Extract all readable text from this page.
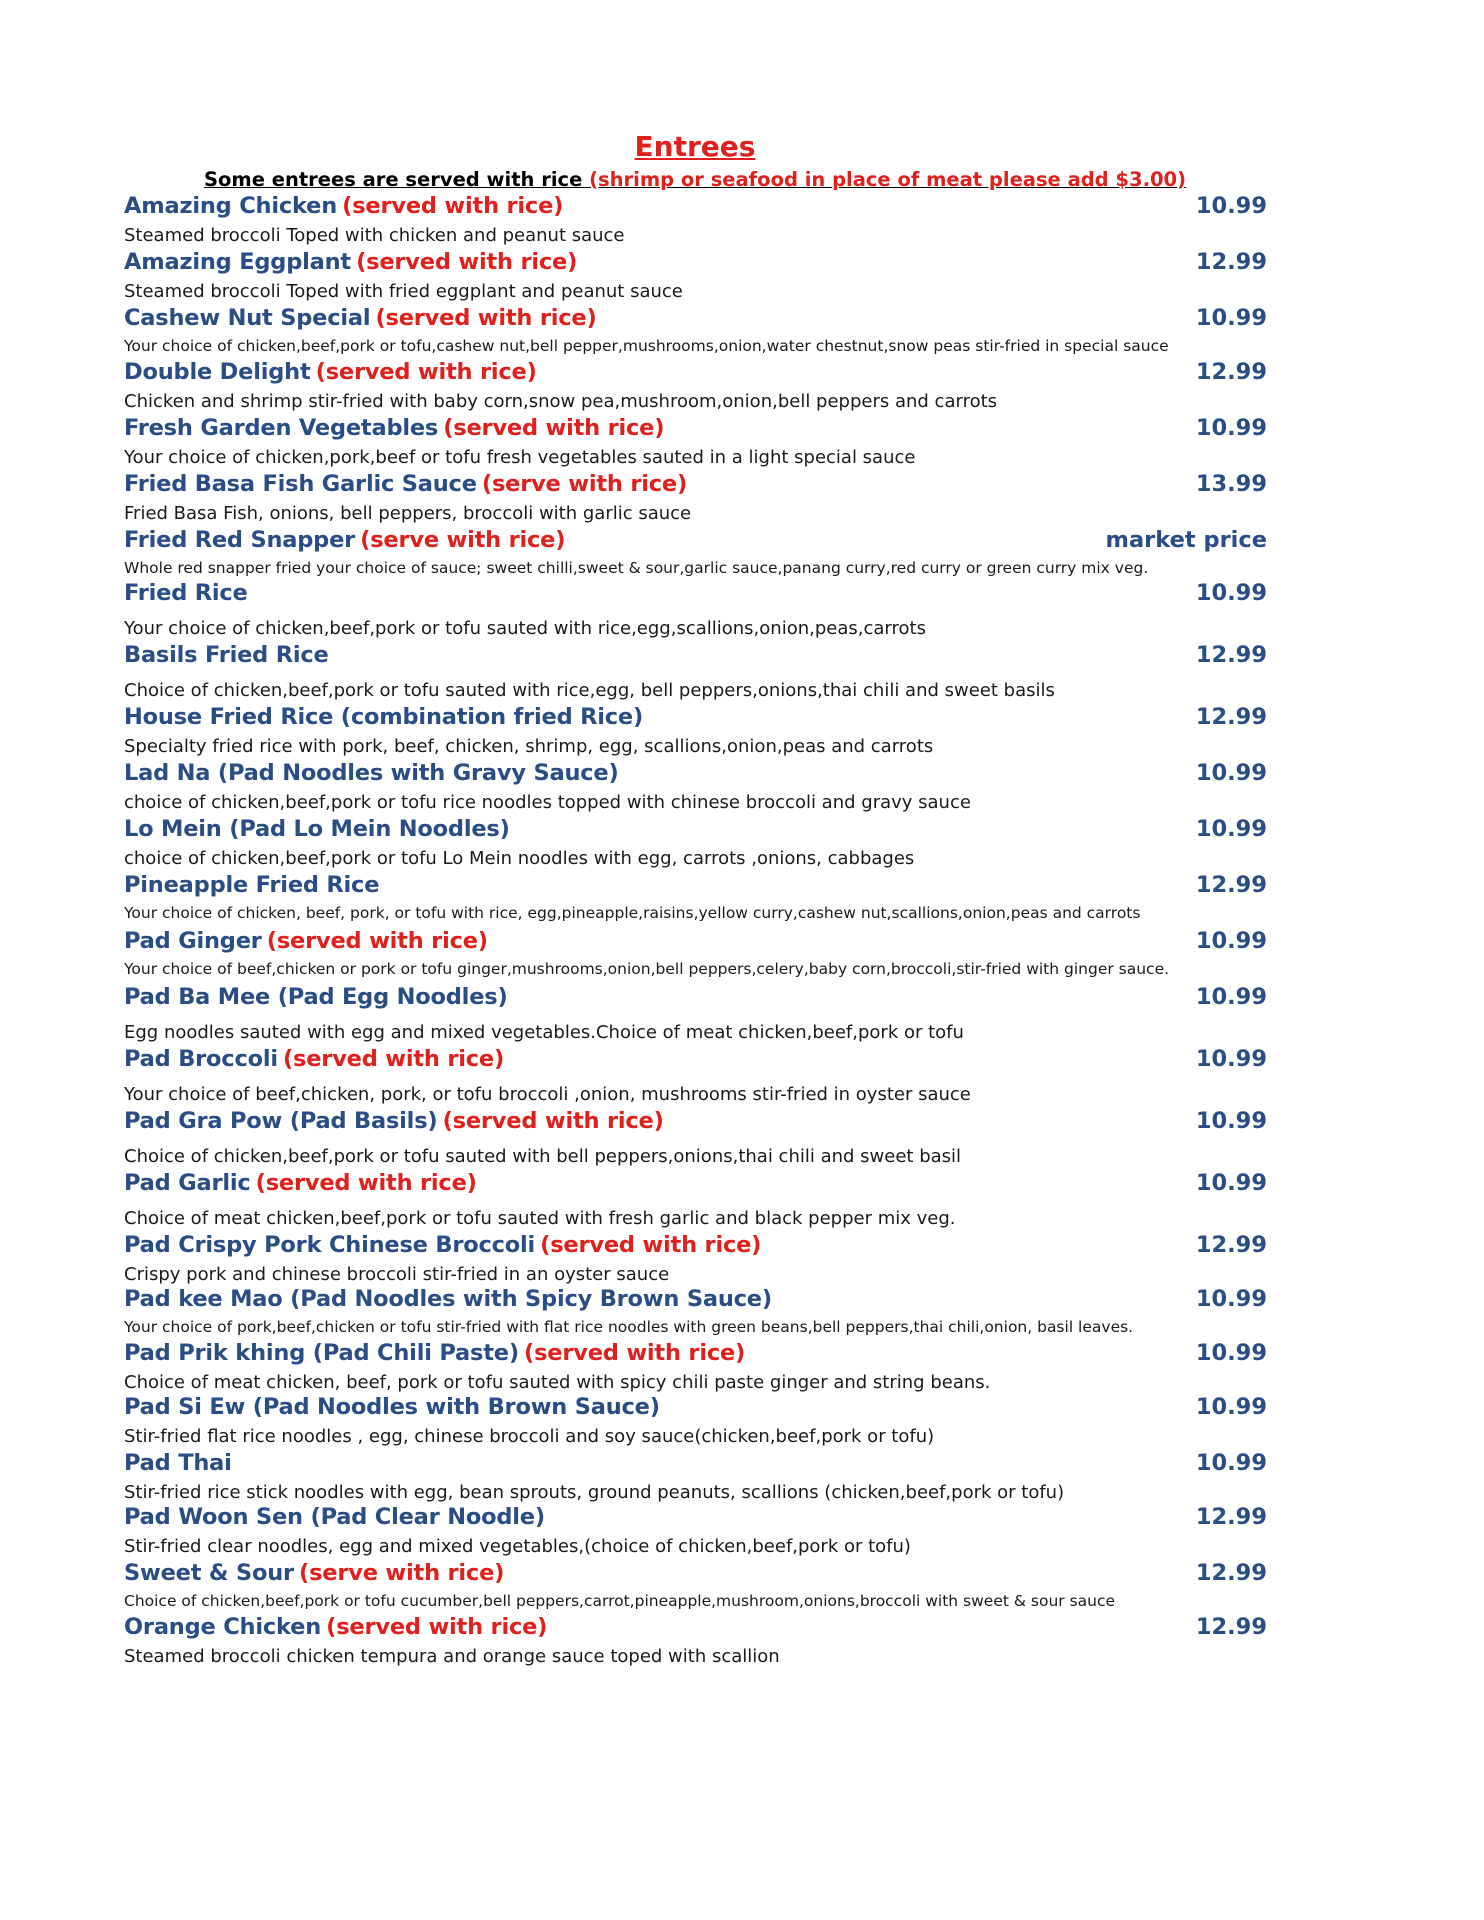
Entrees
Some entrees are served with rice (shrimp or seafood in place of meat please add $3.00)
Amazing Chicken (served with rice)	10.99
Steamed broccoli Toped with chicken and peanut sauce
Amazing Eggplant (served with rice)	12.99
Steamed broccoli Toped with fried eggplant and peanut sauce
Cashew Nut Special (served with rice)	10.99
Your choice of chicken,beef,pork or tofu,cashew nut,bell pepper,mushrooms,onion,water chestnut,snow peas stir-fried in special sauce
Double Delight (served with rice)	12.99
Chicken and shrimp stir-fried with baby corn,snow pea,mushroom,onion,bell peppers and carrots
Fresh Garden Vegetables (served with rice)	10.99
Your choice of chicken,pork,beef or tofu fresh vegetables sauted in a light special sauce
Fried Basa Fish Garlic Sauce (serve with rice)	13.99
Fried Basa Fish, onions, bell peppers, broccoli with garlic sauce
Fried Red Snapper (serve with rice)	market price
Whole red snapper fried your choice of sauce; sweet chilli,sweet & sour,garlic sauce,panang curry,red curry or green curry mix veg.
Fried Rice	10.99
Your choice of chicken,beef,pork or tofu sauted with rice,egg,scallions,onion,peas,carrots
Basils Fried Rice	12.99
Choice of chicken,beef,pork or tofu sauted with rice,egg, bell peppers,onions,thai chili and sweet basils
House Fried Rice (combination fried Rice)	12.99
Specialty fried rice with pork, beef, chicken, shrimp, egg, scallions,onion,peas and carrots
Lad Na (Pad Noodles with Gravy Sauce)	10.99
choice of chicken,beef,pork or tofu rice noodles topped with chinese broccoli and gravy sauce
Lo Mein (Pad Lo Mein Noodles)	10.99
choice of chicken,beef,pork or tofu Lo Mein noodles with egg, carrots ,onions, cabbages
Pineapple Fried Rice	12.99
Your choice of chicken, beef, pork, or tofu with rice, egg,pineapple,raisins,yellow curry,cashew nut,scallions,onion,peas and carrots
Pad Ginger (served with rice)	10.99
Your choice of beef,chicken or pork or tofu ginger,mushrooms,onion,bell peppers,celery,baby corn,broccoli,stir-fried with ginger sauce.
Pad Ba Mee (Pad Egg Noodles)	10.99
Egg noodles sauted with egg and mixed vegetables.Choice of meat chicken,beef,pork or tofu
Pad Broccoli (served with rice)	10.99
Your choice of beef,chicken, pork, or tofu broccoli ,onion, mushrooms stir-fried in oyster sauce
Pad Gra Pow (Pad Basils) (served with rice)	10.99
Choice of chicken,beef,pork or tofu sauted with bell peppers,onions,thai chili and sweet basil
Pad Garlic (served with rice)	10.99
Choice of meat chicken,beef,pork or tofu sauted with fresh garlic and black pepper mix veg.
Pad Crispy Pork Chinese Broccoli (served with rice)	12.99
Crispy pork and chinese broccoli stir-fried in an oyster sauce
Pad kee Mao (Pad Noodles with Spicy Brown Sauce)	10.99
Your choice of pork,beef,chicken or tofu stir-fried with flat rice noodles with green beans,bell peppers,thai chili,onion, basil leaves.
Pad Prik khing (Pad Chili Paste) (served with rice)	10.99
Choice of meat chicken, beef, pork or tofu sauted with spicy chili paste ginger and string beans.
Pad Si Ew (Pad Noodles with Brown Sauce)	10.99
Stir-fried flat rice noodles , egg, chinese broccoli and soy sauce(chicken,beef,pork or tofu)
Pad Thai	10.99
Stir-fried rice stick noodles with egg, bean sprouts, ground peanuts, scallions (chicken,beef,pork or tofu)
Pad Woon Sen (Pad Clear Noodle)	12.99
Stir-fried clear noodles, egg and mixed vegetables,(choice of chicken,beef,pork or tofu)
Sweet & Sour (serve with rice)	12.99
Choice of chicken,beef,pork or tofu cucumber,bell peppers,carrot,pineapple,mushroom,onions,broccoli with sweet & sour sauce
Orange Chicken (served with rice)	12.99
Steamed broccoli chicken tempura and orange sauce toped with scallion
